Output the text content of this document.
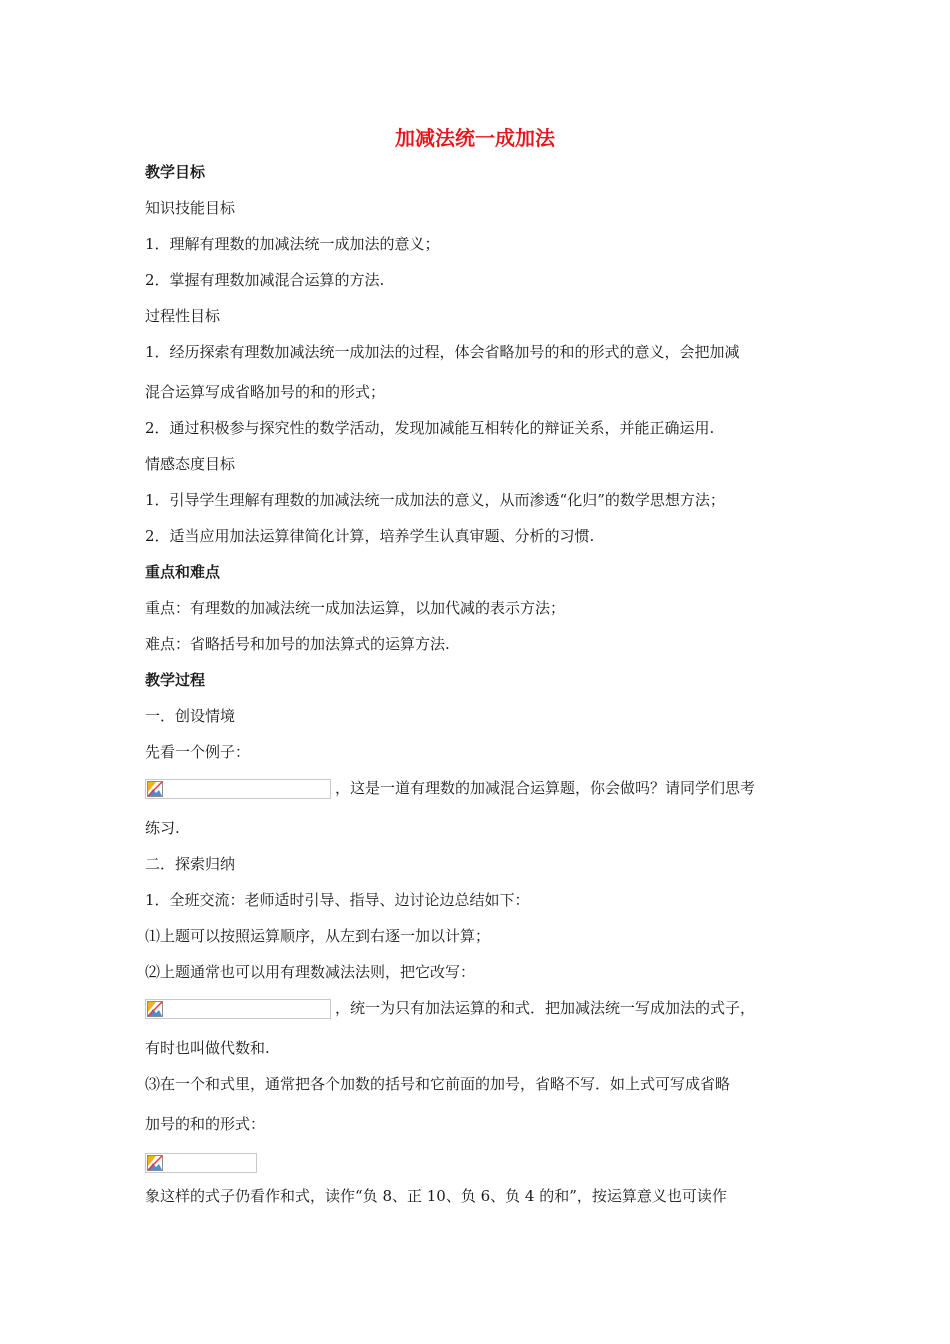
加减法统一成加法
教学目标
知识技能目标
1．理解有理数的加减法统一成加法的意义；
2．掌握有理数加减混合运算的方法.
过程性目标
1．经历探索有理数加减法统一成加法的过程，体会省略加号的和的形式的意义，会把加减
混合运算写成省略加号的和的形式；
2．通过积极参与探究性的数学活动，发现加减能互相转化的辩证关系，并能正确运用.
情感态度目标
1．引导学生理解有理数的加减法统一成加法的意义，从而渗透“化归”的数学思想方法；
2．适当应用加法运算律简化计算，培养学生认真审题、分析的习惯.
重点和难点
重点：有理数的加减法统一成加法运算，以加代减的表示方法；
难点：省略括号和加号的加法算式的运算方法.
教学过程
一．创设情境
先看一个例子：
，这是一道有理数的加减混合运算题，你会做吗？请同学们思考
练习.
二．探索归纳
1．全班交流：老师适时引导、指导、边讨论边总结如下：
⑴上题可以按照运算顺序，从左到右逐一加以计算；
⑵上题通常也可以用有理数减法法则，把它改写：
，统一为只有加法运算的和式．把加减法统一写成加法的式子，
有时也叫做代数和.
⑶在一个和式里，通常把各个加数的括号和它前面的加号，省略不写．如上式可写成省略
加号的和的形式：
象这样的式子仍看作和式，读作“负 8、正 10、负 6、负 4 的和”，按运算意义也可读作
